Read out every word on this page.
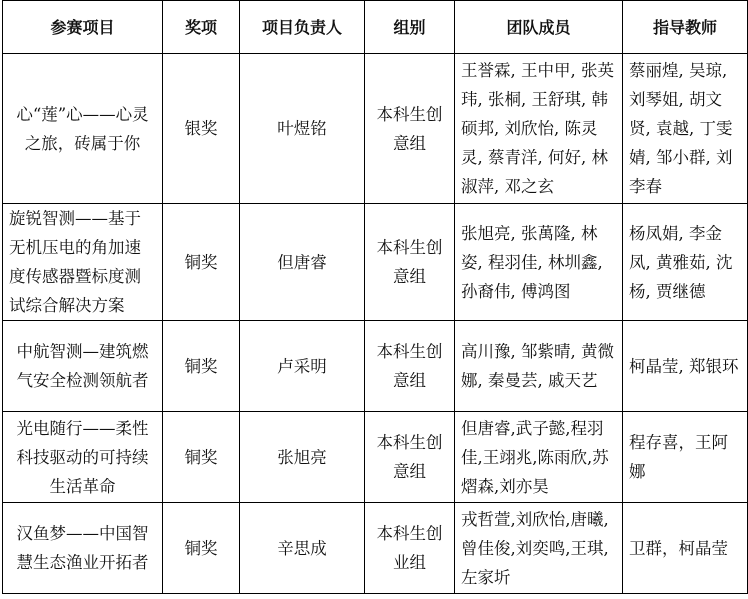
参赛项目	奖项	项目负责人	组别	团队成员	指导教师
心“莲”心——心灵之旅，砖属于你	银奖	叶煜铭	本科生创意组	王誉霖, 王中甲, 张英玮, 张桐, 王舒琪, 韩硕邦, 刘欣怡, 陈灵灵, 蔡青洋, 何好, 林淑萍, 邓之玄	蔡丽煌, 吴琼, 刘琴姐, 胡文贤, 袁越, 丁雯婧, 邹小群, 刘李春
旋锐智测——基于无机压电的角加速度传感器暨标度测试综合解决方案	铜奖	但唐睿	本科生创意组	张旭亮, 张萬隆, 林姿, 程羽佳, 林圳鑫, 孙裔伟, 傅鸿图	杨凤娟, 李金凤, 黄雅茹, 沈杨, 贾继德
中航智测—建筑燃气安全检测领航者	铜奖	卢采明	本科生创意组	高川豫, 邹紫晴, 黄微娜, 秦曼芸, 戚天艺	柯晶莹, 郑银环
光电随行——柔性科技驱动的可持续生活革命	铜奖	张旭亮	本科生创意组	但唐睿,武子懿,程羽佳,王翊兆,陈雨欣,苏熠森,刘亦昊	程存喜，王阿娜
汉鱼梦——中国智慧生态渔业开拓者	铜奖	辛思成	本科生创业组	戎哲萱,刘欣怡,唐曦,曾佳俊,刘奕鸣,王琪,左家圻	卫群，柯晶莹
